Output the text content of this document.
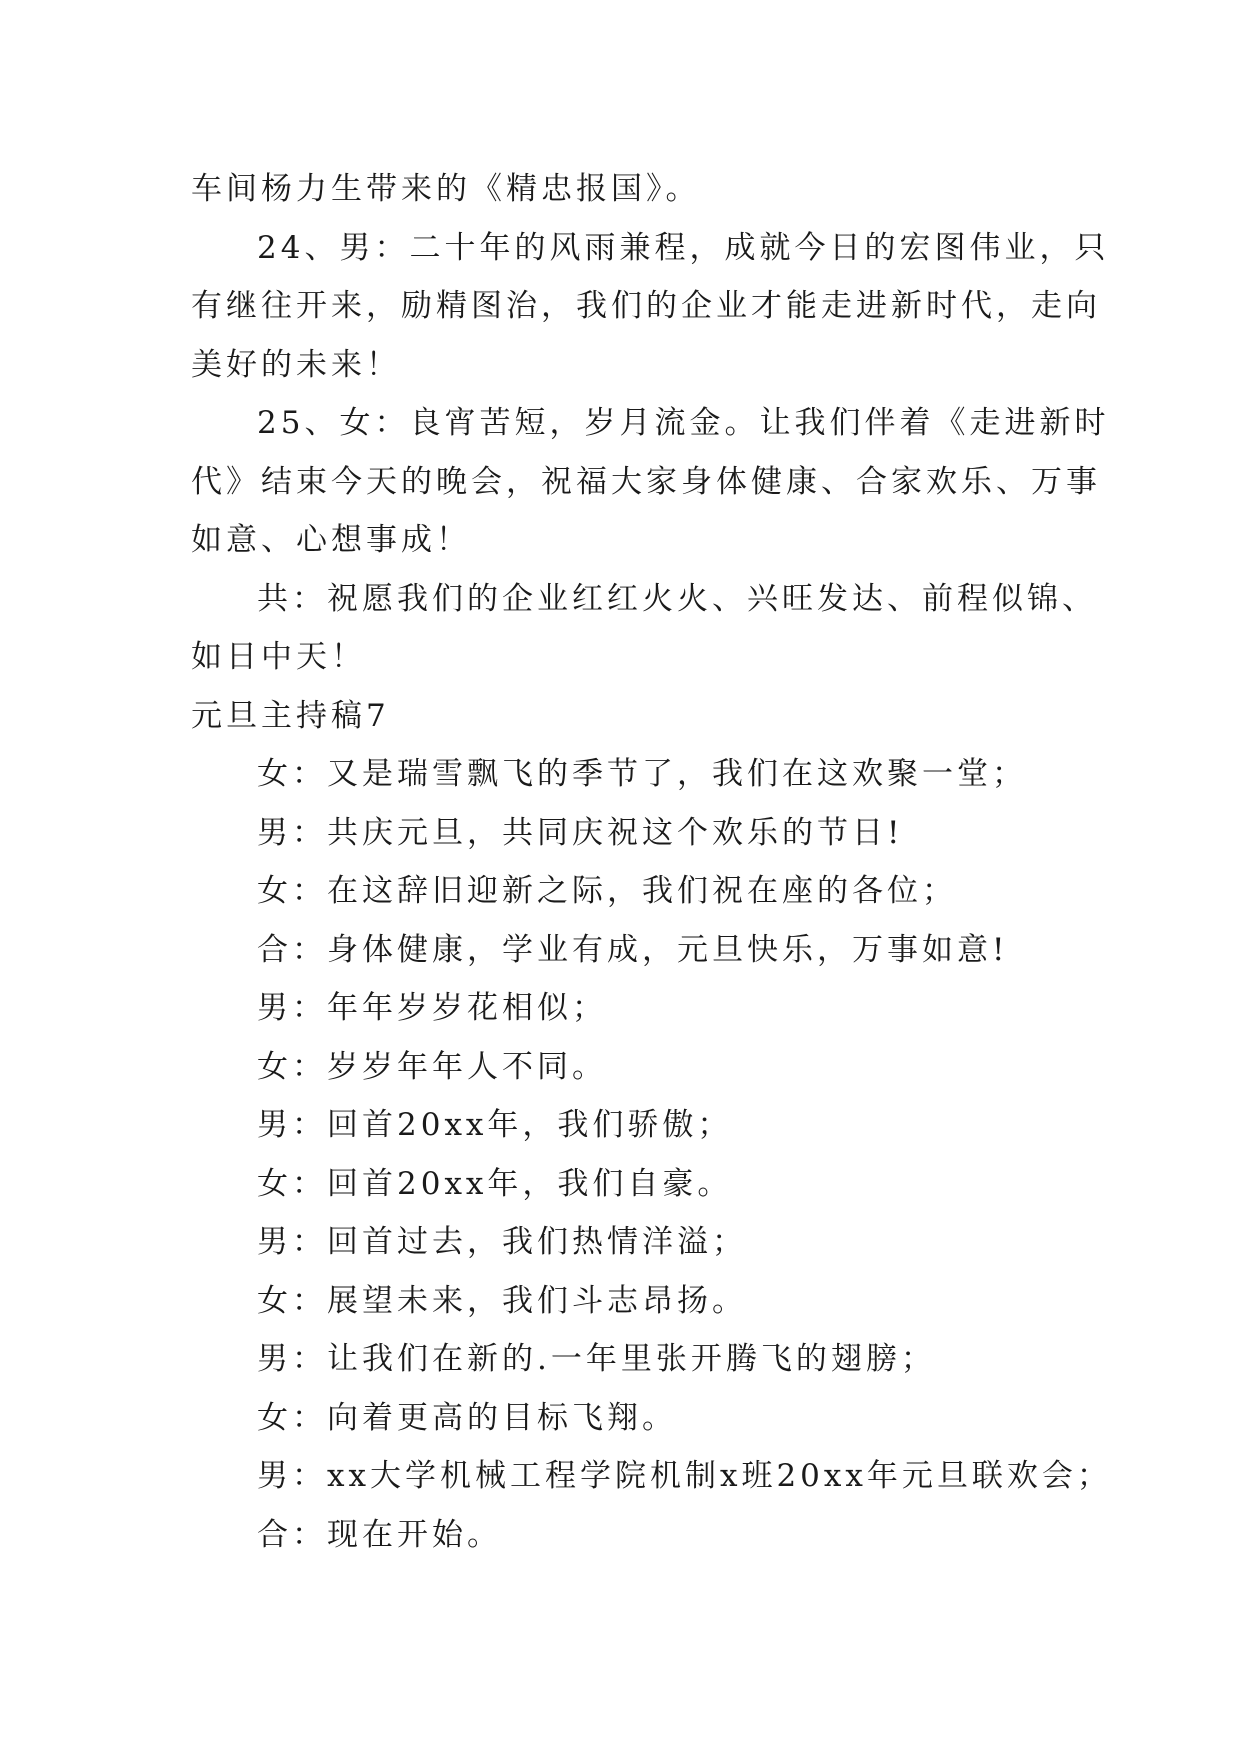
车间杨力生带来的《精忠报国》。
24、男：二十年的风雨兼程，成就今日的宏图伟业，只
有继往开来，励精图治，我们的企业才能走进新时代，走向
美好的未来！
25、女：良宵苦短，岁月流金。让我们伴着《走进新时
代》结束今天的晚会，祝福大家身体健康、合家欢乐、万事
如意、心想事成！
共：祝愿我们的企业红红火火、兴旺发达、前程似锦、
如日中天！
元旦主持稿7
女：又是瑞雪飘飞的季节了，我们在这欢聚一堂；
男：共庆元旦，共同庆祝这个欢乐的节日!
女：在这辞旧迎新之际，我们祝在座的各位；
合：身体健康，学业有成，元旦快乐，万事如意!
男：年年岁岁花相似；
女：岁岁年年人不同。
男：回首20xx年，我们骄傲；
女：回首20xx年，我们自豪。
男：回首过去，我们热情洋溢；
女：展望未来，我们斗志昂扬。
男：让我们在新的.一年里张开腾飞的翅膀；
女：向着更高的目标飞翔。
男：xx大学机械工程学院机制x班20xx年元旦联欢会；
合：现在开始。
